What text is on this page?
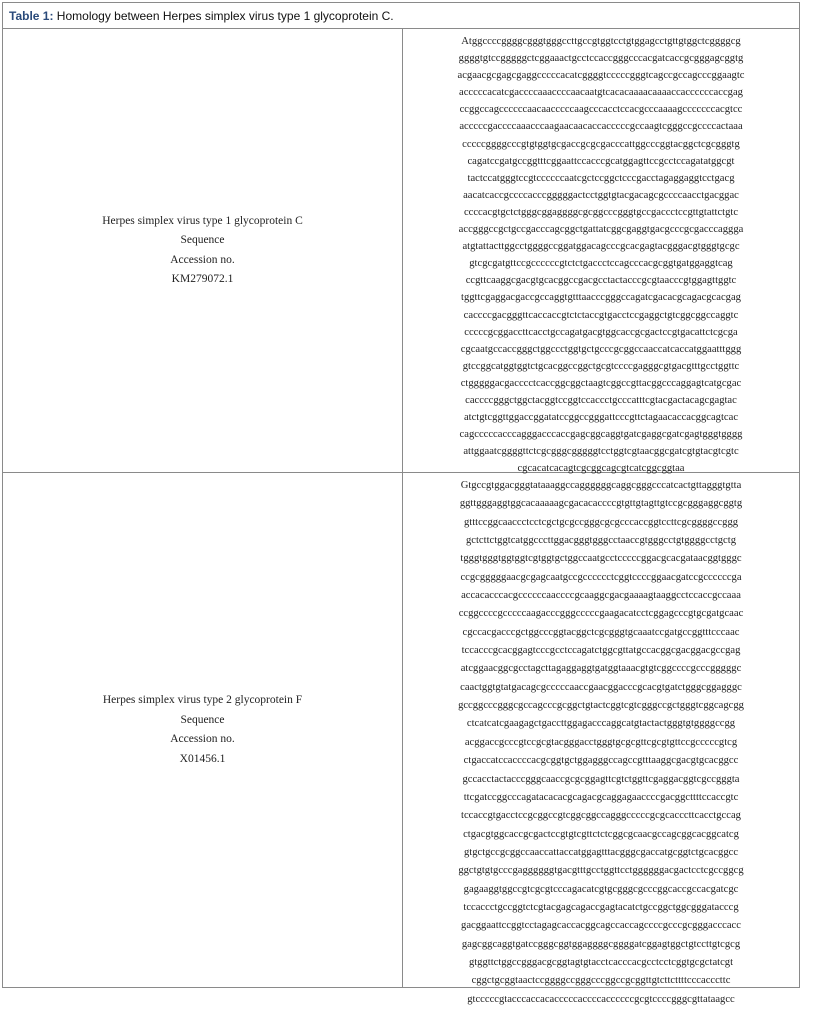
Table 1: Homology between Herpes simplex virus type 1 glycoprotein C.
Herpes simplex virus type 1 glycoprotein C
Sequence
Accession no.
KM279072.1
Atggccccggggcgggtgggccttgccgtggtcctgtggagcctgttgtggctcggggcg
ggggtgtccgggggctcggaaactgcctccaccgggcccacgatcaccgcgggagcggtg
acgaacgcgagcgaggcccccacatcggggtcccccgggtcagccgccagcccggaagtc
acccccacatcgaccccaaaccccaacaatgtcacacaaaacaaaaccaccccccaccgag
ccggccagccccccaacaacccccaagcccacctccacgcccaaaagcccccccacgtcc
acccccgaccccaaacccaagaacaacaccacccccgccaagtcgggccgccccactaaa
cccccggggcccgtgtggtgcgaccgcgcgacccattggcccggtacggctcgcgggtg
cagatccgatgccggtttcggaattccacccgcatggagttccgcctccagatatggcgt
tactccatgggtccgtccccccaatcgctccggctcccgacctagaggaggtcctgacg
aacatcaccgccccacccgggggactcctggtgtacgacagcgccccaacctgacggac
ccccacgtgctctgggcggaggggcgcggcccgggtgccgaccctccgttgtattctgtc
accgggccgctgccgacccagcggctgattatcggcgaggtgacgcccgcgacccaggga
atgtattacttggcctggggccggatggacagcccgcacgagtacgggacgtgggtgcgc
gtcgcgatgttccgccccccgtctctgaccctccagcccacgcggtgatggaggtcag
ccgttcaaggcgacgtgcacggccgacgcctactacccgcgtaacccgtggagttggtc
tggttcgaggacgaccgccaggtgtttaacccgggccagatcgacacgcagacgcacgag
caccccgacgggttcaccaccgtctctaccgtgacctccgaggctgtcggcggccaggtc
cccccgcggaccttcacctgccagatgacgtggcaccgcgactccgtgacattctcgcga
cgcaatgccaccgggctggccctggtgctgcccgcggccaaccatcaccatggaatttggg
gtccggcatggtggtctgcacggccggctgcgtccccgagggcgtgacgtttgcctggttc
ctgggggacgacccctcaccggcggctaagtcggccgttacggcccaggagtcatgcgac
caccccgggctggctacggtccggtccaccctgcccatttcgtacgactacagcgagtac
atctgtcggttggaccggatatccggccgggattcccgttctagaacaccacggcagtcac
cagcccccacccagggacccaccgagcggcaggtgatcgaggcgatcgagtgggtgggg
attggaatcggggttctcgcgggcgggggtcctggtcgtaacggcgatcgtgtacgtcgtc
cgcacatcacagtcgcggcagcgtcatcggcggtaa
Herpes simplex virus type 2 glycoprotein F
Sequence
Accession no.
X01456.1
Gtgccgtggacgggtataaaggccaggggggcaggcgggcccatcactgttagggtgtta
ggttgggaggtggcacaaaaagcgacacaccccgtgttgtagttgtccgcgggaggcggtg
gtttccggcaaccctcctcgctgcgccgggcgcgcccaccggtccttcgcggggccggg
gctcttctggtcatggcccttggacgggtgggcctaaccgtgggcctgtggggcctgctg
tgggtgggtggtggtcgtggtgctggccaatgcctcccccggacgcacgataacggtgggc
ccgcgggggaacgcgagcaatgccgcccccctcggtccccggaacgatccgccccccga
accacacccacgccccccaaccccgcaaggcgacgaaaagtaaggcctccaccgccaaa
ccggccccgcccccaagacccgggcccccgaagacatcctcggagcccgtgcgatgcaac
cgccacgacccgctggcccggtacggctcgcgggtgcaaatccgatgccggtttcccaac
tccacccgcacggagtcccgcctccagatctggcgttatgccacggcgacggacgccgag
atcggaacggcgcctagcttagaggaggtgatggtaaacgtgtcggccccgcccgggggc
caactggtgtatgacagcgcccccaaccgaacggacccgcacgtgatctgggcggagggc
gccggcccgggcgccagcccgcggctgtactcggtcgtcgggccgctgggtcggcagcgg
ctcatcatcgaagagctgaccttggagacccaggcatgtactactgggtgtggggccgg
acggaccgcccgtccgcgtacgggacctgggtgcgcgttcgcgtgttccgcccccgtcg
ctgaccatccaccccacgcggtgctggagggccagccgtttaaggcgacgtgcacggcc
gccacctactacccgggcaaccgcgcggagttcgtctggttcgaggacggtcgccgggta
ttcgatccggcccagatacacacgcagacgcaggagaaccccgacggcttttccaccgtc
tccaccgtgacctccgcggccgtcggcggccagggcccccgcgcacccttcacctgccag
ctgacgtggcaccgcgactccgtgtcgttctctcggcgcaacgccagcggcacggcatcg
gtgctgccgcggccaaccattaccatggagtttacgggcgaccatgcggtctgcacggcc
ggctgtgtgcccgaggggggtgacgtttgcctggttcctggggggacgactcctcgccggcg
gagaaggtggccgtcgcgtcccagacatcgtgcgggcgcccggcaccgccacgatcgc
tccaccctgccggtctcgtacgagcagaccgagtacatctgccggctggcgggatacccg
gacggaattccggtcctagagcaccacggcagccaccagccccgcccgcgggacccacc
gagcggcaggtgatccgggcggtggaggggcggggatcggagtggctgtccttgtcgcg
gtggttctggccgggacgcggtagtgtacctcacccacgcctcctcggtgcgctatcgt
cggctgcggtaactccggggccgggcccggccgcggttgtcttcttttcccacccttc
gtcccccgtacccaccacacccccaccccaccccccgcgtccccgggcgttataagcc
